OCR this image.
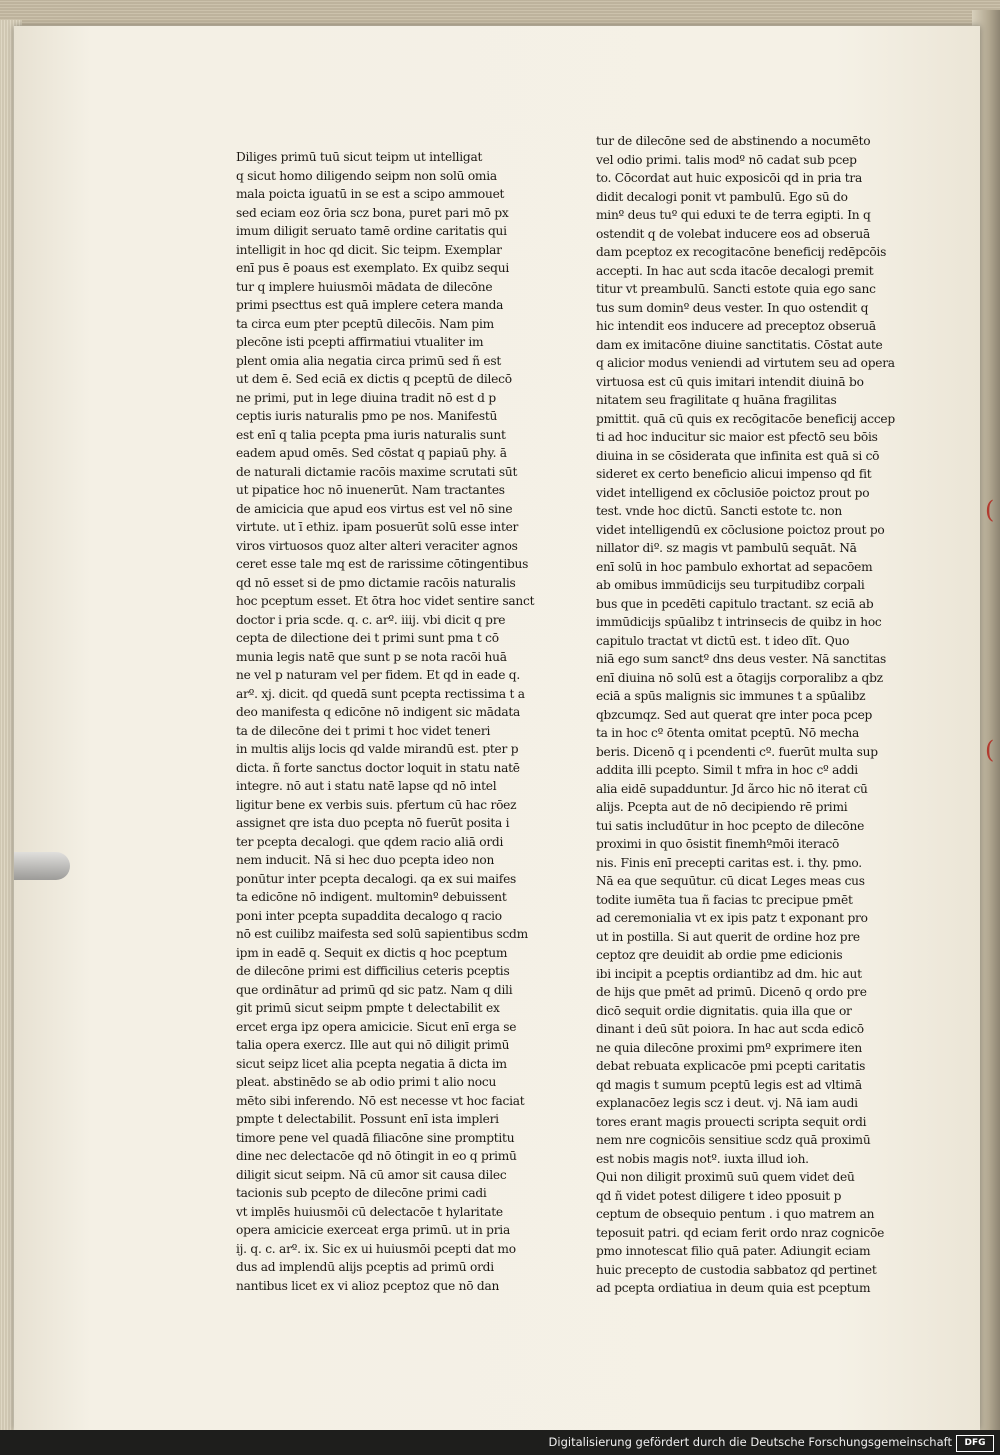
Diliges primū tuū sicut teipm ut intelligat
q sicut homo diligendo seipm non solū omia
mala poicta iguatū in se est a scipo ammouet
sed eciam eoz ōria scz bona, puret pari mō px
imum diligit seruato tamē ordine caritatis qui
intelligit in hoc qd dicit. Sic teipm. Exemplar
enī pus ē poaus est exemplato. Ex quibz sequi
tur q implere huiusmōi mādata de dilecōne
primi psecttus est quā implere cetera manda
ta circa eum pter pceptū dilecōis. Nam pim
plecōne isti pcepti affirmatiui vtualiter im
plent omia alia negatia circa primū sed ñ est
ut dem ē. Sed eciā ex dictis q pceptū de dilecō
ne primi, put in lege diuina tradit nō est d p
ceptis iuris naturalis pmo pe nos. Manifestū
est enī q talia pcepta pma iuris naturalis sunt
eadem apud omēs. Sed cōstat q papiaū phy. ā
de naturali dictamie racōis maxime scrutati sūt
ut pipatice hoc nō inuenerūt. Nam tractantes
de amicicia que apud eos virtus est vel nō sine
virtute. ut ī ethiz. ipam posuerūt solū esse inter
viros virtuosos quoz alter alteri veraciter agnos
ceret esse tale mq est de rarissime cōtingentibus
qd nō esset si de pmo dictamie racōis naturalis
hoc pceptum esset. Et ōtra hoc videt sentire sanct
doctor i pria scde. q. c. arº. iiij. vbi dicit q pre
cepta de dilectione dei t primi sunt pma t cō
munia legis natē que sunt p se nota racōi huā
ne vel p naturam vel per fidem. Et qd in eade q.
arº. xj. dicit. qd quedā sunt pcepta rectissima t a
deo manifesta q edicōne nō indigent sic mādata
ta de dilecōne dei t primi t hoc videt teneri
in multis alijs locis qd valde mirandū est. pter p
dicta. ñ forte sanctus doctor loquit in statu natē
integre. nō aut i statu natē lapse qd nō intel
ligitur bene ex verbis suis. pfertum cū hac rōez
assignet qre ista duo pcepta nō fuerūt posita i
ter pcepta decalogi. que qdem racio aliā ordi
nem inducit. Nā si hec duo pcepta ideo non
ponūtur inter pcepta decalogi. qa ex sui maifes
ta edicōne nō indigent. multominº debuissent
poni inter pcepta supaddita decalogo q racio
nō est cuilibz maifesta sed solū sapientibus scdm
ipm in eadē q. Sequit ex dictis q hoc pceptum
de dilecōne primi est difficilius ceteris pceptis
que ordinātur ad primū qd sic patz. Nam q dili
git primū sicut seipm pmpte t delectabilit ex
ercet erga ipz opera amicicie. Sicut enī erga se
talia opera exercz. Ille aut qui nō diligit primū
sicut seipz licet alia pcepta negatia ā dicta im
pleat. abstinēdo se ab odio primi t alio nocu
mēto sibi inferendo. Nō est necesse vt hoc faciat
pmpte t delectabilit. Possunt enī ista impleri
timore pene vel quadā filiacōne sine promptitu
dine nec delectacōe qd nō ōtingit in eo q primū
diligit sicut seipm. Nā cū amor sit causa dilec
tacionis sub pcepto de dilecōne primi cadi
vt implēs huiusmōi cū delectacōe t hylaritate
opera amicicie exerceat erga primū. ut in pria
ij. q. c. arº. ix. Sic ex ui huiusmōi pcepti dat mo
dus ad implendū alijs pceptis ad primū ordi
nantibus licet ex vi alioz pceptoz que nō dan
tur de dilecōne sed de abstinendo a nocumēto
vel odio primi. talis modº nō cadat sub pcep
to. Cōcordat aut huic exposicōi qd in pria tra
didit decalogi ponit vt pambulū. Ego sū do
minº deus tuº qui eduxi te de terra egipti. In q
ostendit q de volebat inducere eos ad obseruā
dam pceptoz ex recogitacōne beneficij redēpcōis
accepti. In hac aut scda itacōe decalogi premit
titur vt preambulū. Sancti estote quia ego sanc
tus sum dominº deus vester. In quo ostendit q
hic intendit eos inducere ad preceptoz obseruā
dam ex imitacōne diuine sanctitatis. Cōstat aute
q alicior modus veniendi ad virtutem seu ad opera
virtuosa est cū quis imitari intendit diuinā bo
nitatem seu fragilitate q huāna fragilitas
pmittit. quā cū quis ex recōgitacōe beneficij accep
ti ad hoc inducitur sic maior est pfectō seu bōis
diuina in se cōsiderata que infinita est quā si cō
sideret ex certo beneficio alicui impenso qd fit
videt intelligend ex cōclusiōe poictoz prout po
test. vnde hoc dictū. Sancti estote tc. non
videt intelligendū ex cōclusione poictoz prout po
nillator diº. sz magis vt pambulū sequāt. Nā
enī solū in hoc pambulo exhortat ad sepacōem
ab omibus immūdicijs seu turpitudibz corpali
bus que in pcedēti capitulo tractant. sz eciā ab
immūdicijs spūalibz t intrinsecis de quibz in hoc
capitulo tractat vt dictū est. t ideo dīt. Quo
niā ego sum sanctº dns deus vester. Nā sanctitas
enī diuina nō solū est a ōtagijs corporalibz a qbz
eciā a spūs malignis sic immunes t a spūalibz
qbzcumqz. Sed aut querat qre inter poca pcep
ta in hoc cº ōtenta omitat pceptū. Nō mecha
beris. Dicenō q i pcendenti cº. fuerūt multa sup
addita illi pcepto. Simil t mfra in hoc cº addi
alia eidē supadduntur. Jd ãrco hic nō iterat cū
alijs. Pcepta aut de nō decipiendo rē primi
tui satis includūtur in hoc pcepto de dilecōne
proximi in quo ōsistit finemhºmōi iteracō
nis. Finis enī precepti caritas est. i. thy. pmo.
Nā ea que sequūtur. cū dicat Leges meas cus
todite iumēta tua ñ facias tc precipue pmēt
ad ceremonialia vt ex ipis patz t exponant pro
ut in postilla. Si aut querit de ordine hoz pre
ceptoz qre deuidit ab ordie pme edicionis
ibi incipit a pceptis ordiantibz ad dm. hic aut
de hijs que pmēt ad primū. Dicenō q ordo pre
dicō sequit ordie dignitatis. quia illa que or
dinant i deū sūt poiora. In hac aut scda edicō
ne quia dilecōne proximi pmº exprimere iten
debat rebuata explicacōe pmi pcepti caritatis
qd magis t sumum pceptū legis est ad vltimā
explanacōez legis scz i deut. vj. Nā iam audi
tores erant magis prouecti scripta sequit ordi
nem nre cognicōis sensitiue scdz quā proximū
est nobis magis notº. iuxta illud ioh.
Qui non diligit proximū suū quem videt deū
qd ñ videt potest diligere t ideo pposuit p
ceptum de obsequio pentum . i quo matrem an
teposuit patri. qd eciam ferit ordo nraz cognicōe
pmo innotescat filio quā pater. Adiungit eciam
huic precepto de custodia sabbatoz qd pertinet
ad pcepta ordiatiua in deum quia est pceptum
(

(
Digitalisierung gefördert durch die Deutsche Forschungsgemeinschaft	DFG
